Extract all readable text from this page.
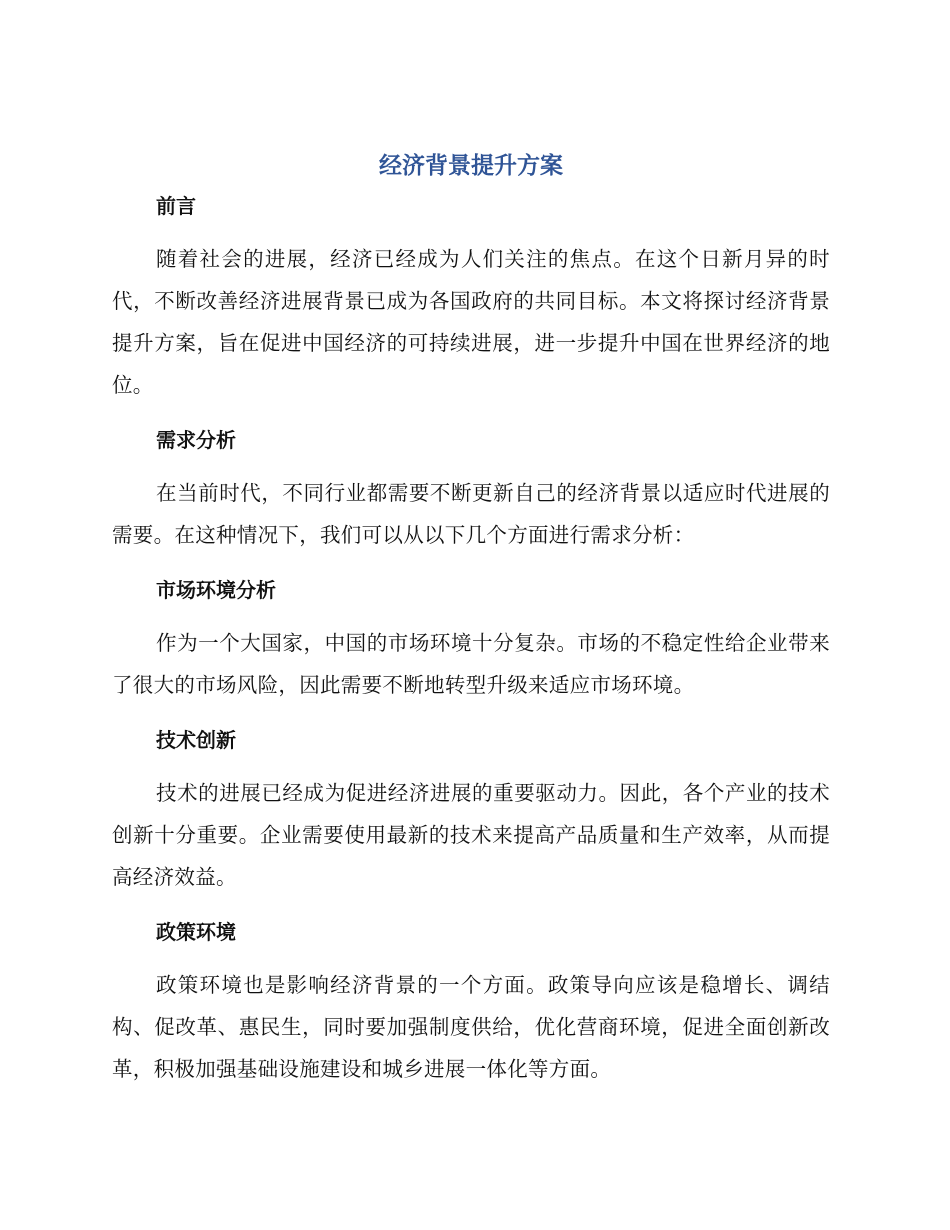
经济背景提升方案
前言

随着社会的进展，经济已经成为人们关注的焦点。在这个日新月异的时代，不断改善经济进展背景已成为各国政府的共同目标。本文将探讨经济背景提升方案，旨在促进中国经济的可持续进展，进一步提升中国在世界经济的地位。

需求分析

在当前时代，不同行业都需要不断更新自己的经济背景以适应时代进展的需要。在这种情况下，我们可以从以下几个方面进行需求分析：

市场环境分析

作为一个大国家，中国的市场环境十分复杂。市场的不稳定性给企业带来了很大的市场风险，因此需要不断地转型升级来适应市场环境。

技术创新

技术的进展已经成为促进经济进展的重要驱动力。因此，各个产业的技术创新十分重要。企业需要使用最新的技术来提高产品质量和生产效率，从而提高经济效益。

政策环境

政策环境也是影响经济背景的一个方面。政策导向应该是稳增长、调结构、促改革、惠民生，同时要加强制度供给，优化营商环境，促进全面创新改革，积极加强基础设施建设和城乡进展一体化等方面。
